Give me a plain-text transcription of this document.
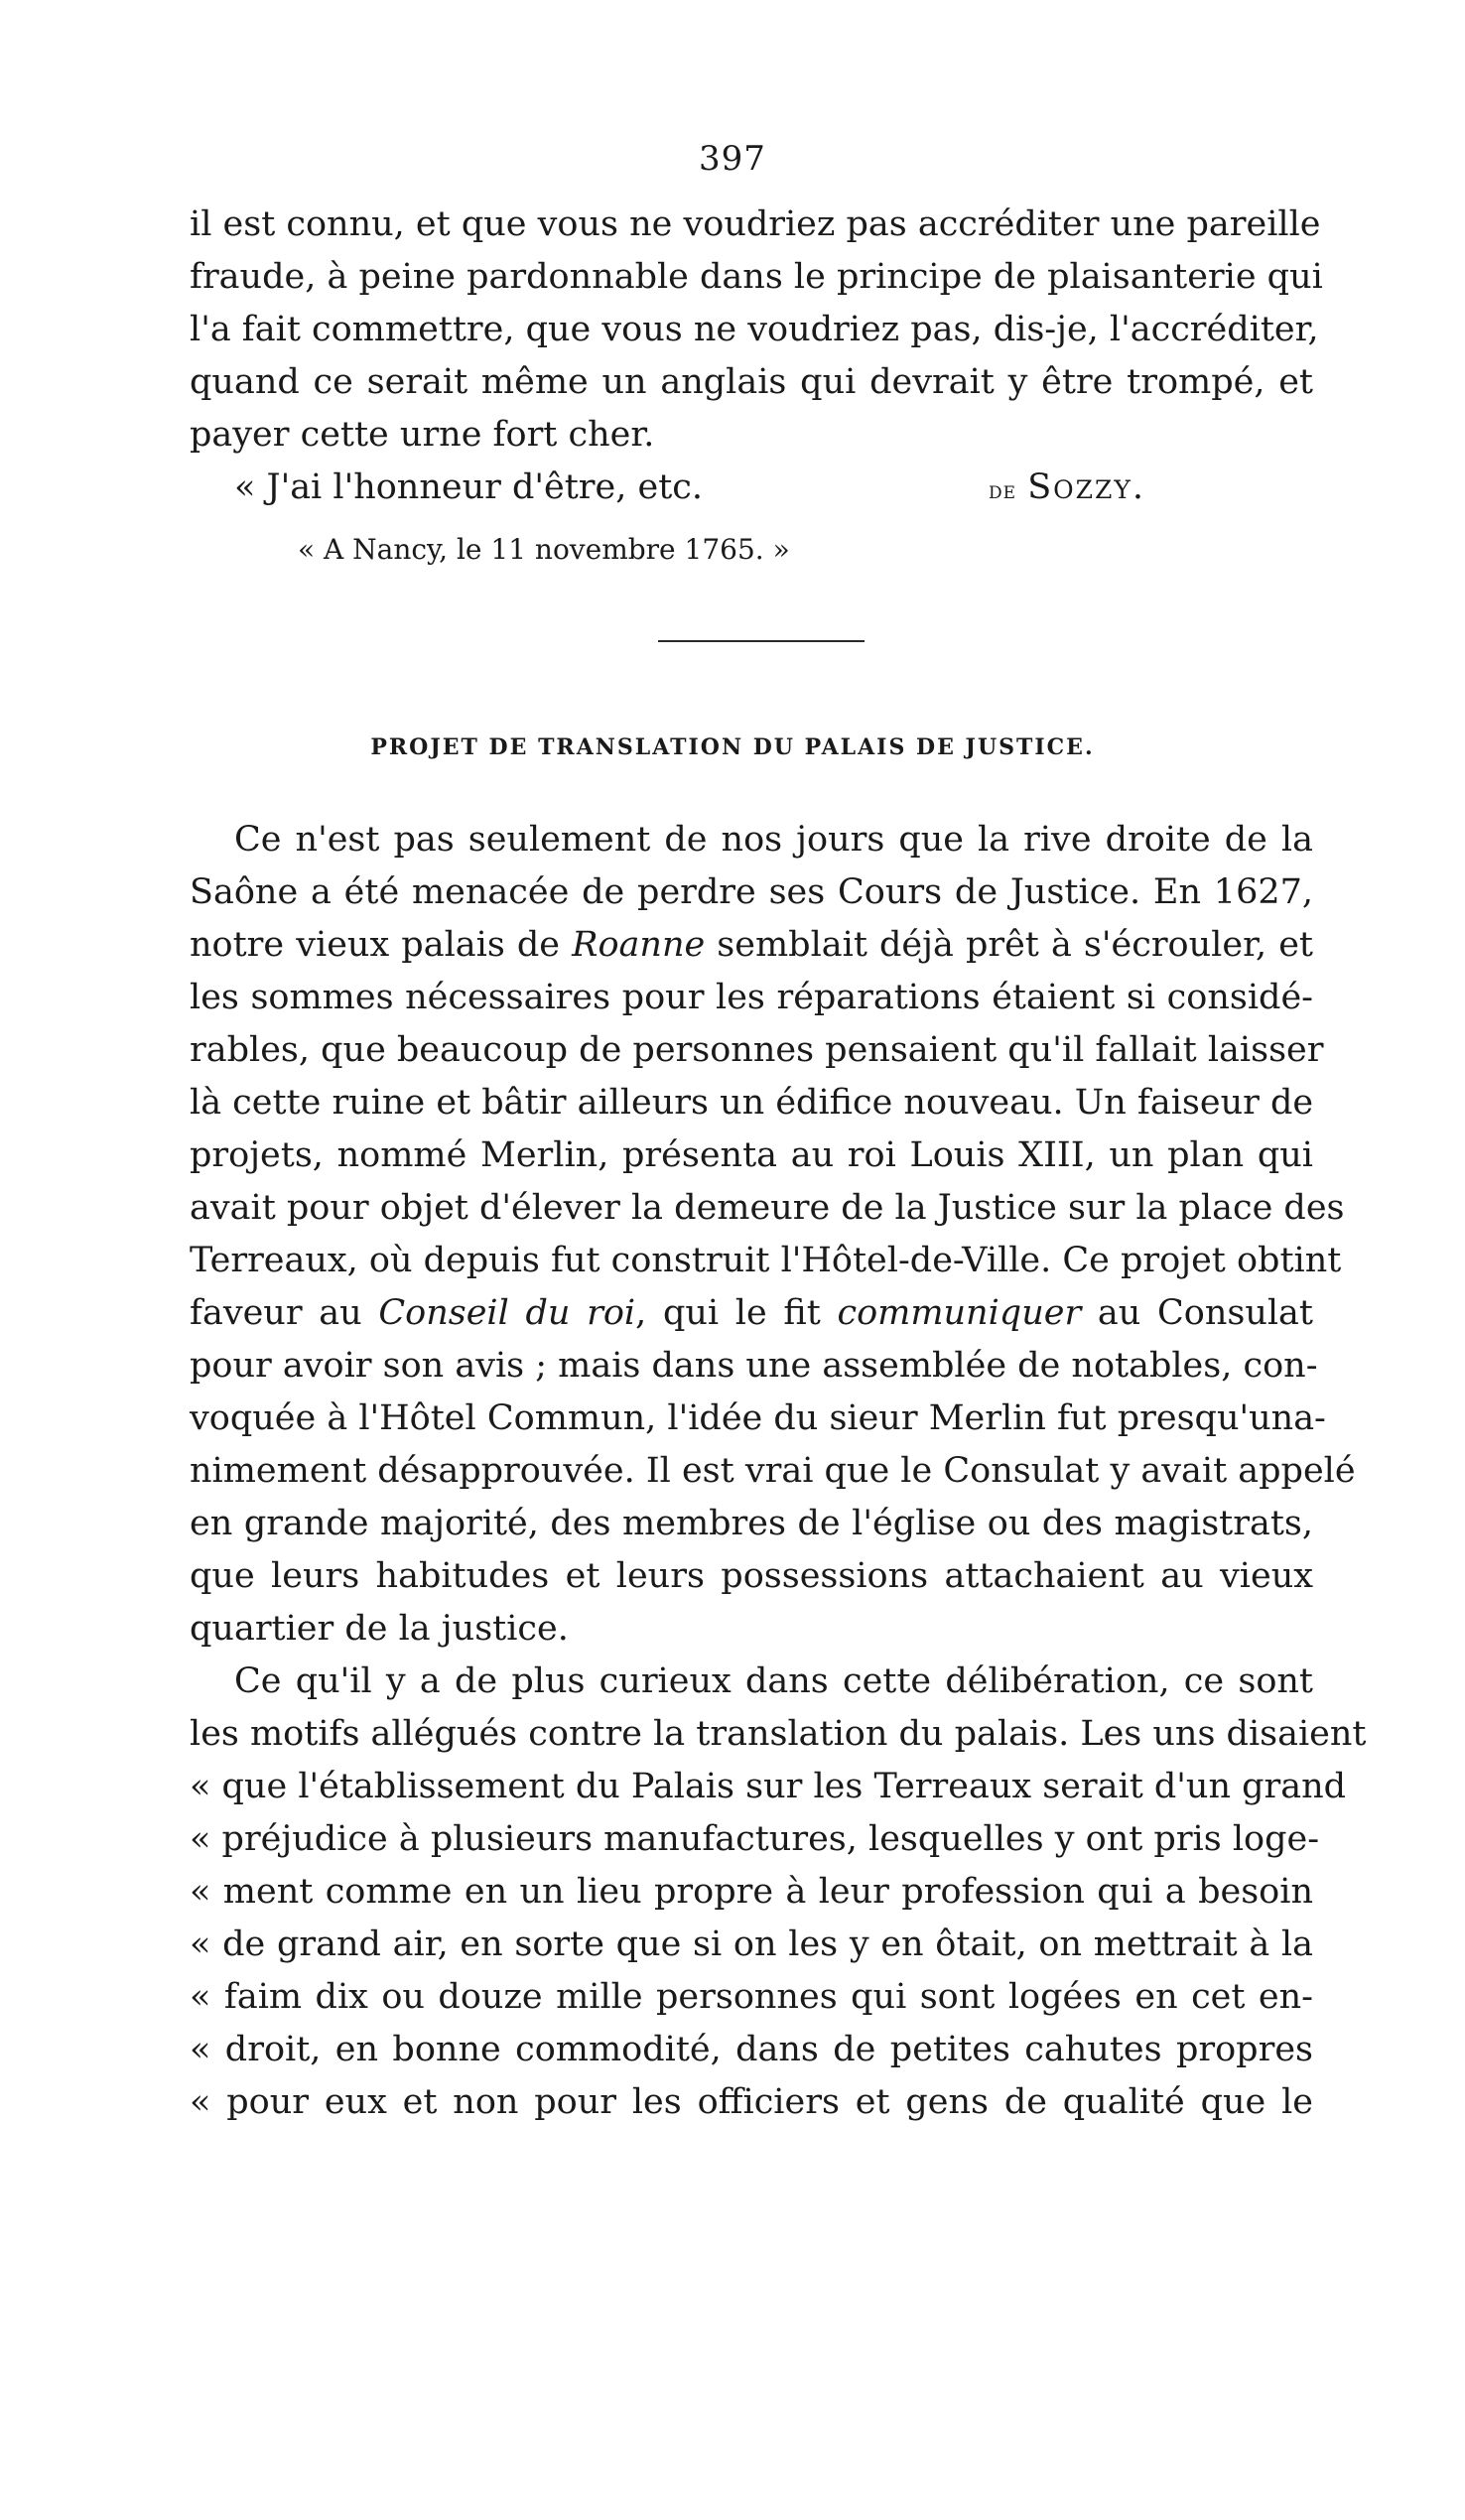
397
il est connu, et que vous ne voudriez pas accréditer une pareille
fraude, à peine pardonnable dans le principe de plaisanterie qui
l'a fait commettre, que vous ne voudriez pas, dis-je, l'accréditer,
quand ce serait même un anglais qui devrait y être trompé, et
payer cette urne fort cher.
« J'ai l'honneur d'être, etc.	de Sozzy.
« A Nancy, le 11 novembre 1765. »
PROJET DE TRANSLATION DU PALAIS DE JUSTICE.
Ce n'est pas seulement de nos jours que la rive droite de la
Saône a été menacée de perdre ses Cours de Justice. En 1627,
notre vieux palais de Roanne semblait déjà prêt à s'écrouler, et
les sommes nécessaires pour les réparations étaient si considé-
rables, que beaucoup de personnes pensaient qu'il fallait laisser
là cette ruine et bâtir ailleurs un édifice nouveau. Un faiseur de
projets, nommé Merlin, présenta au roi Louis XIII, un plan qui
avait pour objet d'élever la demeure de la Justice sur la place des
Terreaux, où depuis fut construit l'Hôtel-de-Ville. Ce projet obtint
faveur au Conseil du roi, qui le fit communiquer au Consulat
pour avoir son avis ; mais dans une assemblée de notables, con-
voquée à l'Hôtel Commun, l'idée du sieur Merlin fut presqu'una-
nimement désapprouvée. Il est vrai que le Consulat y avait appelé
en grande majorité, des membres de l'église ou des magistrats,
que leurs habitudes et leurs possessions attachaient au vieux
quartier de la justice.
Ce qu'il y a de plus curieux dans cette délibération, ce sont
les motifs allégués contre la translation du palais. Les uns disaient
« que l'établissement du Palais sur les Terreaux serait d'un grand
« préjudice à plusieurs manufactures, lesquelles y ont pris loge-
« ment comme en un lieu propre à leur profession qui a besoin
« de grand air, en sorte que si on les y en ôtait, on mettrait à la
« faim dix ou douze mille personnes qui sont logées en cet en-
« droit, en bonne commodité, dans de petites cahutes propres
« pour eux et non pour les officiers et gens de qualité que le
